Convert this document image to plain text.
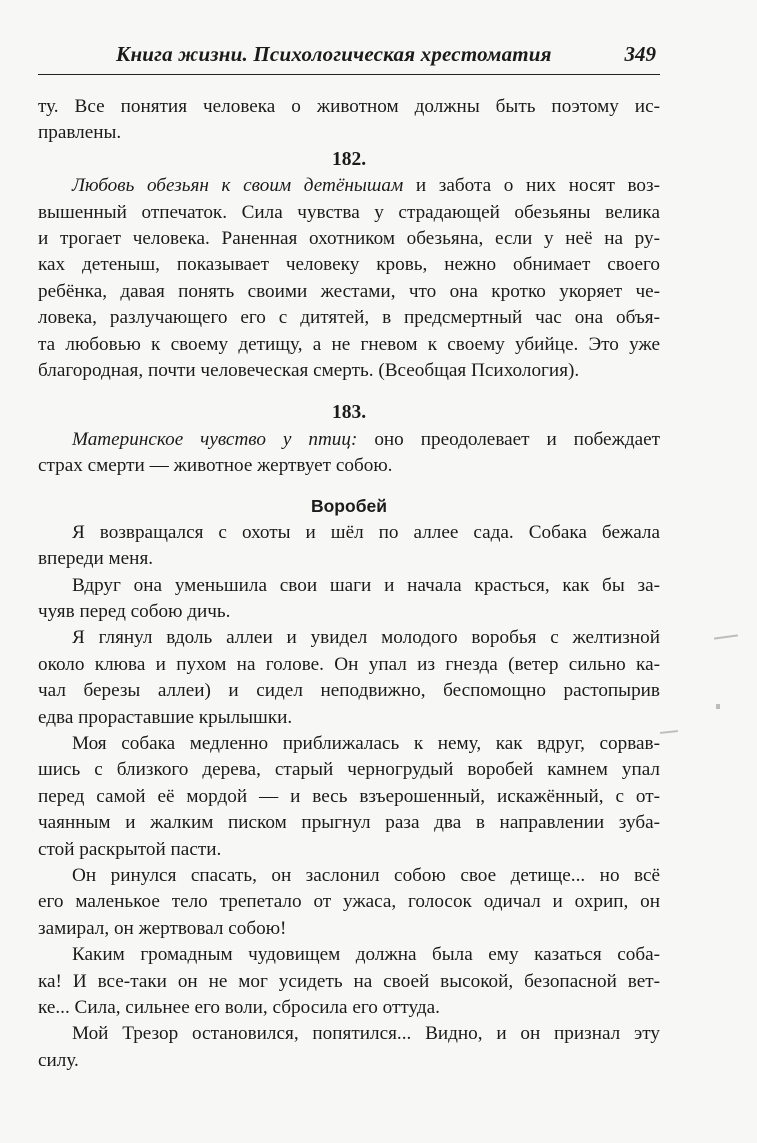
Книга жизни. Психологическая хрестоматия	349
ту. Все понятия человека о животном должны быть поэтому ис-
правлены.
182.
Любовь обезьян к своим детёнышам и забота о них носят воз-
вышенный отпечаток. Сила чувства у страдающей обезьяны велика
и трогает человека. Раненная охотником обезьяна, если у неё на ру-
ках детеныш, показывает человеку кровь, нежно обнимает своего
ребёнка, давая понять своими жестами, что она кротко укоряет че-
ловека, разлучающего его с дитятей, в предсмертный час она объя-
та любовью к своему детищу, а не гневом к своему убийце. Это уже
благородная, почти человеческая смерть. (Всеобщая Психология).
183.
Материнское чувство у птиц: оно преодолевает и побеждает
страх смерти — животное жертвует собою.
Воробей
Я возвращался с охоты и шёл по аллее сада. Собака бежала
впереди меня.
Вдруг она уменьшила свои шаги и начала красться, как бы за-
чуяв перед собою дичь.
Я глянул вдоль аллеи и увидел молодого воробья с желтизной
около клюва и пухом на голове. Он упал из гнезда (ветер сильно ка-
чал березы аллеи) и сидел неподвижно, беспомощно растопырив
едва прораставшие крылышки.
Моя собака медленно приближалась к нему, как вдруг, сорвав-
шись с близкого дерева, старый черногрудый воробей камнем упал
перед самой её мордой — и весь взъерошенный, искажённый, с от-
чаянным и жалким писком прыгнул раза два в направлении зуба-
стой раскрытой пасти.
Он ринулся спасать, он заслонил собою свое детище... но всё
его маленькое тело трепетало от ужаса, голосок одичал и охрип, он
замирал, он жертвовал собою!
Каким громадным чудовищем должна была ему казаться соба-
ка! И все-таки он не мог усидеть на своей высокой, безопасной вет-
ке... Сила, сильнее его воли, сбросила его оттуда.
Мой Трезор остановился, попятился... Видно, и он признал эту
силу.
